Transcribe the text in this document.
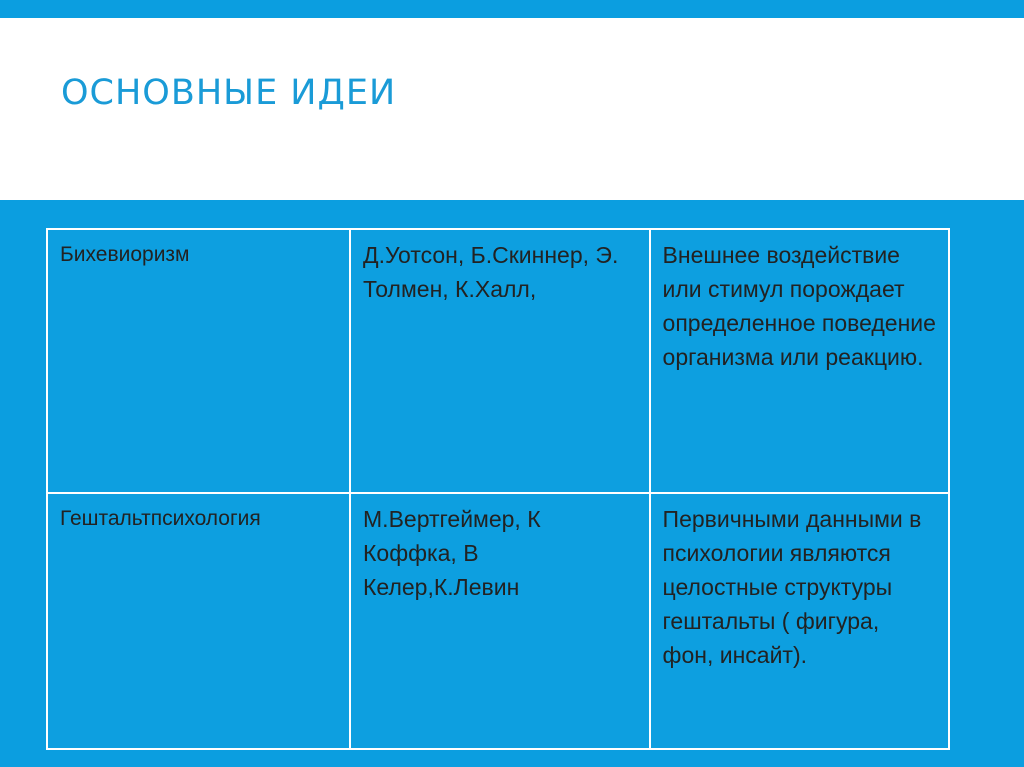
ОСНОВНЫЕ ИДЕИ
Бихевиоризм	Д.Уотсон, Б.Скиннер, Э. Толмен, К.Халл,	Внешнее воздействие или стимул порождает определенное поведение организма или реакцию.
Гештальтпсихология	М.Вертгеймер, К Коффка, В Келер,К.Левин	Первичными данными в психологии являются целостные структуры гештальты ( фигура, фон, инсайт).
